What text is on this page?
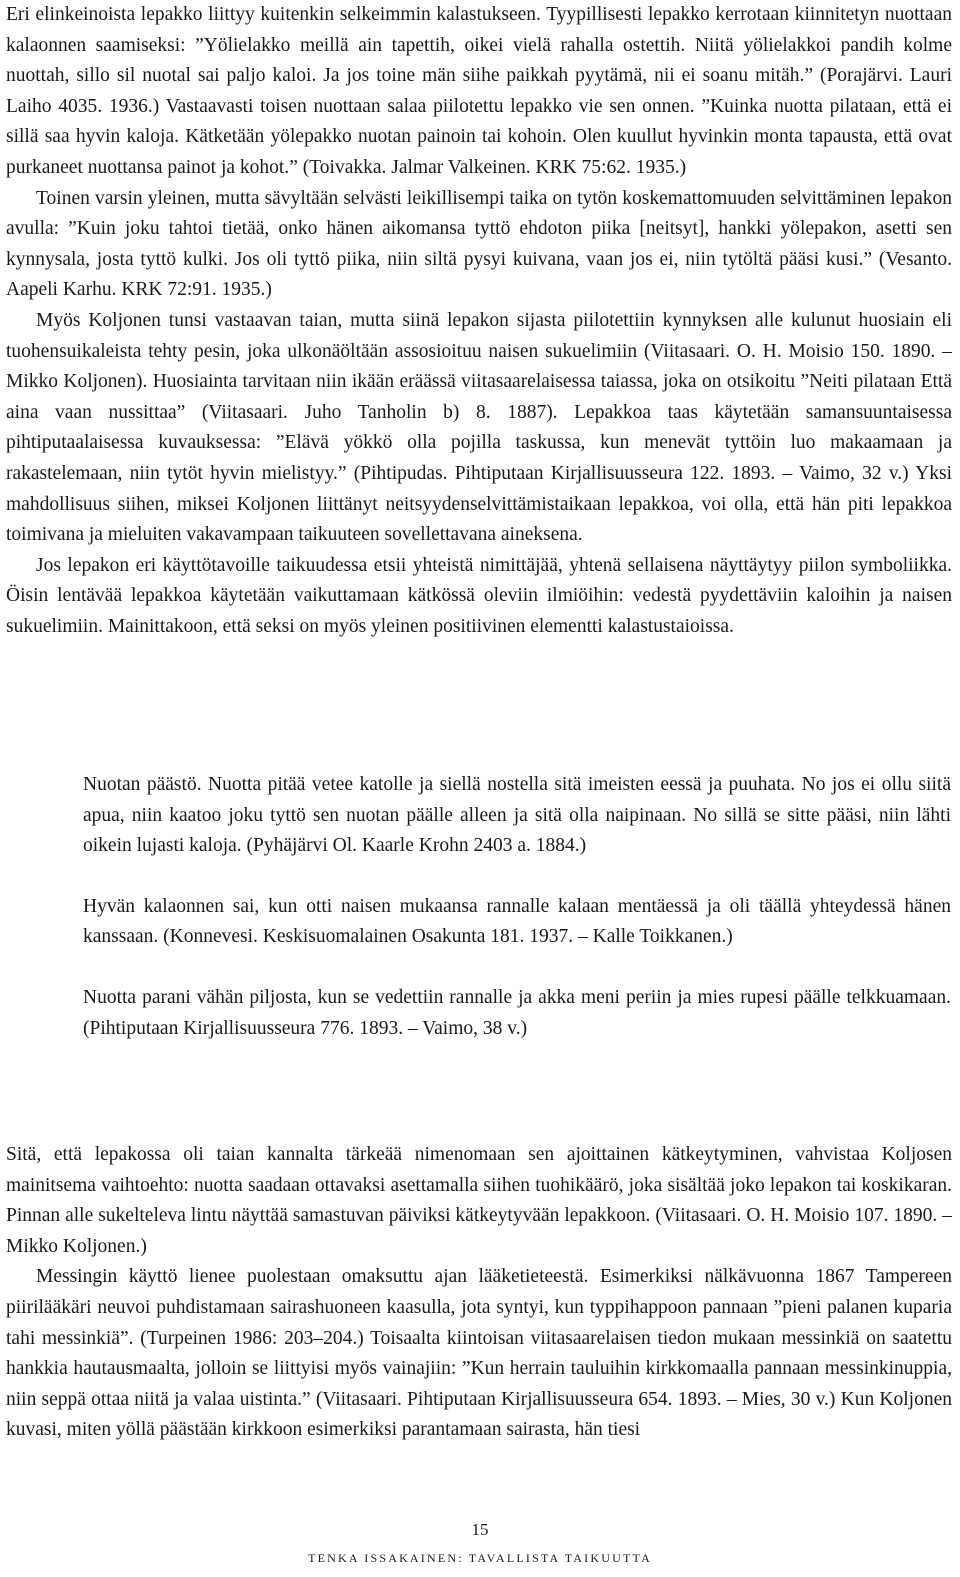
Eri elinkeinoista lepakko liittyy kuitenkin selkeimmin kalastukseen. Tyypillisesti lepakko kerrotaan kiinnitetyn nuottaan kalaonnen saamiseksi: ”Yölielakko meillä ain tapettih, oikei vielä rahalla ostettih. Niitä yölielakkoi pandih kolme nuottah, sillo sil nuotal sai paljo kaloi. Ja jos toine män siihe paikkah pyytämä, nii ei soanu mitäh.” (Porajärvi. Lauri Laiho 4035. 1936.) Vastaavasti toisen nuottaan salaa piilotettu lepakko vie sen onnen. ”Kuinka nuotta pilataan, että ei sillä saa hyvin kaloja. Kätketään yölepakko nuotan painoin tai kohoin. Olen kuullut hyvinkin monta tapausta, että ovat purkaneet nuottansa painot ja kohot.” (Toivakka. Jalmar Valkeinen. KRK 75:62. 1935.)

Toinen varsin yleinen, mutta sävyltään selvästi leikillisempi taika on tytön koskemattomuuden selvittäminen lepakon avulla: ”Kuin joku tahtoi tietää, onko hänen aikomansa tyttö ehdoton piika [neitsyt], hankki yölepakon, asetti sen kynnysala, josta tyttö kulki. Jos oli tyttö piika, niin siltä pysyi kuivana, vaan jos ei, niin tytöltä pääsi kusi.” (Vesanto. Aapeli Karhu. KRK 72:91. 1935.)

Myös Koljonen tunsi vastaavan taian, mutta siinä lepakon sijasta piilotettiin kynnyksen alle kulunut huosiain eli tuohensuikaleista tehty pesin, joka ulkonäöltään assosioituu naisen sukuelimiin (Viitasaari. O. H. Moisio 150. 1890. – Mikko Koljonen). Huosiainta tarvitaan niin ikään eräässä viitasaarelaisessa taiassa, joka on otsikoitu ”Neiti pilataan Että aina vaan nussittaa” (Viitasaari. Juho Tanholin b) 8. 1887). Lepakkoa taas käytetään samansuuntaisessa pihtiputaalaisessa kuvauksessa: ”Elävä yökkö olla pojilla taskussa, kun menevät tyttöin luo makaamaan ja rakastelemaan, niin tytöt hyvin mielistyy.” (Pihtipudas. Pihtiputaan Kirjallisuusseura 122. 1893. – Vaimo, 32 v.) Yksi mahdollisuus siihen, miksei Koljonen liittänyt neitsyydenselvittämistaikaan lepakkoa, voi olla, että hän piti lepakkoa toimivana ja mieluiten vakavampaan taikuuteen sovellettavana aineksena.

Jos lepakon eri käyttötavoille taikuudessa etsii yhteistä nimittäjää, yhtenä sellaisena näyttäytyy piilon symboliikka. Öisin lentävää lepakkoa käytetään vaikuttamaan kätkössä oleviin ilmiöihin: vedestä pyydettäviin kaloihin ja naisen sukuelimiin. Mainittakoon, että seksi on myös yleinen positiivinen elementti kalastustaioissa.

Nuotan päästö. Nuotta pitää vetee katolle ja siellä nostella sitä imeisten eessä ja puuhata. No jos ei ollu siitä apua, niin kaatoo joku tyttö sen nuotan päälle alleen ja sitä olla naipinaan. No sillä se sitte pääsi, niin lähti oikein lujasti kaloja. (Pyhäjärvi Ol. Kaarle Krohn 2403 a. 1884.)

Hyvän kalaonnen sai, kun otti naisen mukaansa rannalle kalaan mentäessä ja oli täällä yhteydessä hänen kanssaan. (Konnevesi. Keskisuomalainen Osakunta 181. 1937. – Kalle Toikkanen.)

Nuotta parani vähän piljosta, kun se vedettiin rannalle ja akka meni periin ja mies rupesi päälle telkkuamaan. (Pihtiputaan Kirjallisuusseura 776. 1893. – Vaimo, 38 v.)

Sitä, että lepakossa oli taian kannalta tärkeää nimenomaan sen ajoittainen kätkeytyminen, vahvistaa Koljosen mainitsema vaihtoehto: nuotta saadaan ottavaksi asettamalla siihen tuohikäärö, joka sisältää joko lepakon tai koskikaran. Pinnan alle sukelteleva lintu näyttää samastuvan päiviksi kätkeytyvään lepakkoon. (Viitasaari. O. H. Moisio 107. 1890. – Mikko Koljonen.)

Messingin käyttö lienee puolestaan omaksuttu ajan lääketieteestä. Esimerkiksi nälkävuonna 1867 Tampereen piirilääkäri neuvoi puhdistamaan sairashuoneen kaasulla, jota syntyi, kun typpihappoon pannaan ”pieni palanen kuparia tahi messinkiä”. (Turpeinen 1986: 203–204.) Toisaalta kiintoisan viitasaarelaisen tiedon mukaan messinkiä on saatettu hankkia hautausmaalta, jolloin se liittyisi myös vainajiin: ”Kun herrain tauluihin kirkkomaalla pannaan messinkinuppia, niin seppä ottaa niitä ja valaa uistinta.” (Viitasaari. Pihtiputaan Kirjallisuusseura 654. 1893. – Mies, 30 v.) Kun Koljonen kuvasi, miten yöllä päästään kirkkoon esimerkiksi parantamaan sairasta, hän tiesi

15
TENKA ISSAKAINEN: TAVALLISTA TAIKUUTTA
